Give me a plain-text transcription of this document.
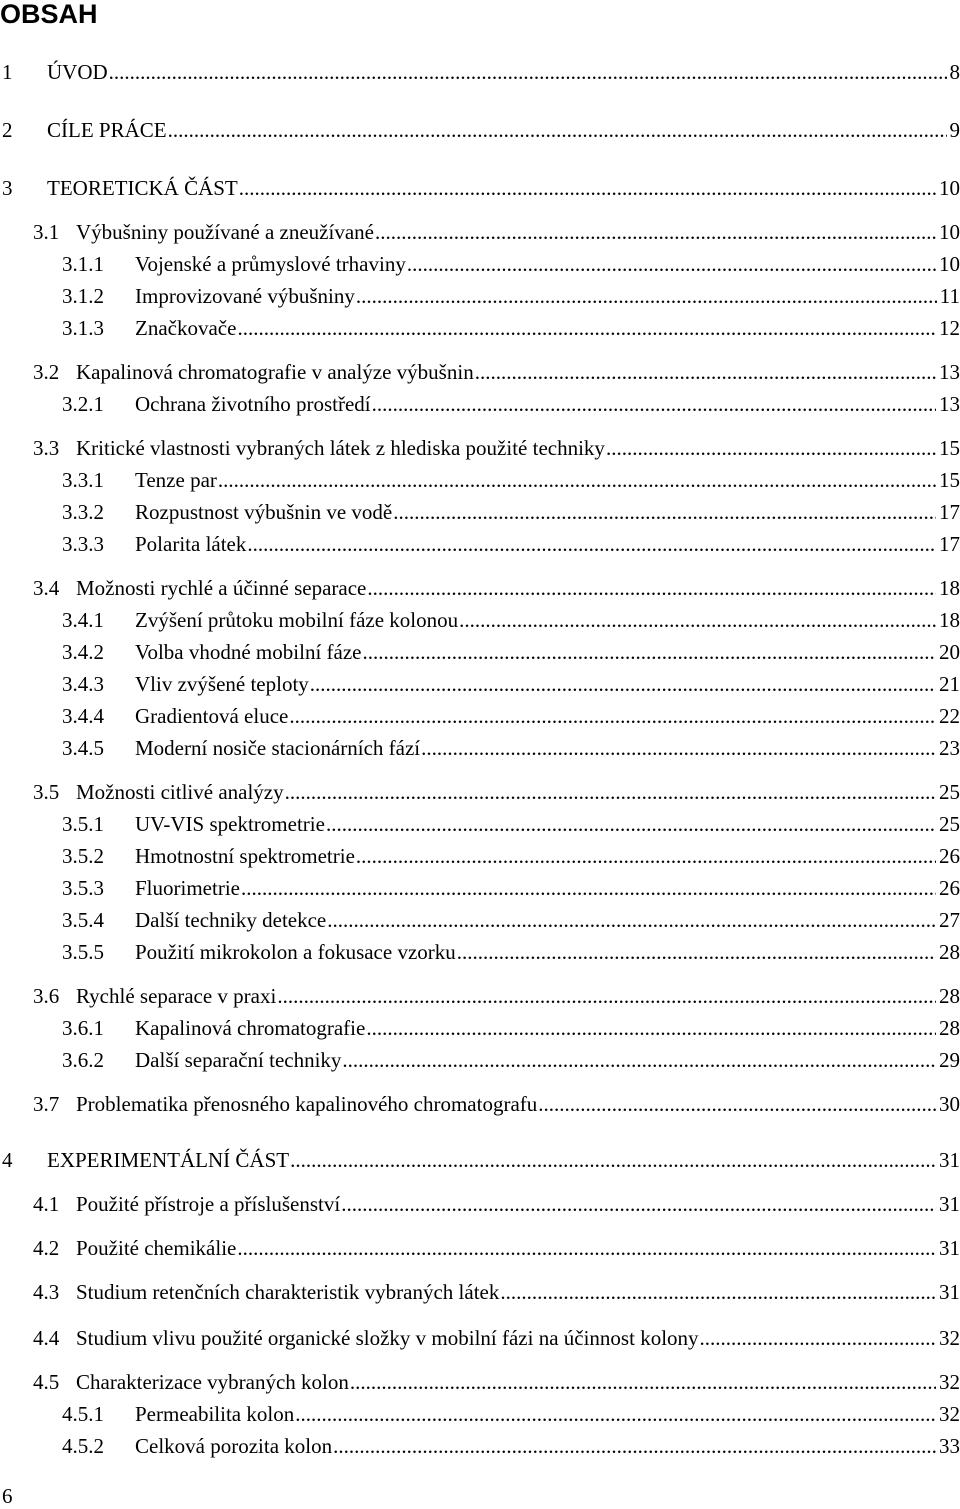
OBSAH
1	ÚVOD .....	8
2	CÍLE PRÁCE .....	9
3	TEORETICKÁ ČÁST .....	10
3.1 Výbušniny používané a zneužívané .....	10
3.1.1	Vojenské a průmyslové trhaviny .....	10
3.1.2	Improvizované výbušniny .....	11
3.1.3	Značkovače .....	12
3.2 Kapalinová chromatografie v analýze výbušnin .....	13
3.2.1	Ochrana životního prostředí .....	13
3.3 Kritické vlastnosti vybraných látek z hlediska použité techniky .....	15
3.3.1	Tenze par .....	15
3.3.2	Rozpustnost výbušnin ve vodě .....	17
3.3.3	Polarita látek .....	17
3.4 Možnosti rychlé a účinné separace .....	18
3.4.1	Zvýšení průtoku mobilní fáze kolonou .....	18
3.4.2	Volba vhodné mobilní fáze .....	20
3.4.3	Vliv zvýšené teploty .....	21
3.4.4	Gradientová eluce .....	22
3.4.5	Moderní nosiče stacionárních fází .....	23
3.5 Možnosti citlivé analýzy .....	25
3.5.1	UV-VIS spektrometrie .....	25
3.5.2	Hmotnostní spektrometrie .....	26
3.5.3	Fluorimetrie .....	26
3.5.4	Další techniky detekce .....	27
3.5.5	Použití mikrokolon a fokusace vzorku .....	28
3.6 Rychlé separace v praxi .....	28
3.6.1	Kapalinová chromatografie .....	28
3.6.2	Další separační techniky .....	29
3.7 Problematika přenosného kapalinového chromatografu .....	30
4	EXPERIMENTÁLNÍ ČÁST .....	31
4.1 Použité přístroje a příslušenství .....	31
4.2 Použité chemikálie .....	31
4.3 Studium retenčních charakteristik vybraných látek .....	31
4.4 Studium vlivu použité organické složky v mobilní fázi na účinnost kolony .....	32
4.5 Charakterizace vybraných kolon .....	32
4.5.1	Permeabilita kolon .....	32
4.5.2	Celková porozita kolon .....	33
6
